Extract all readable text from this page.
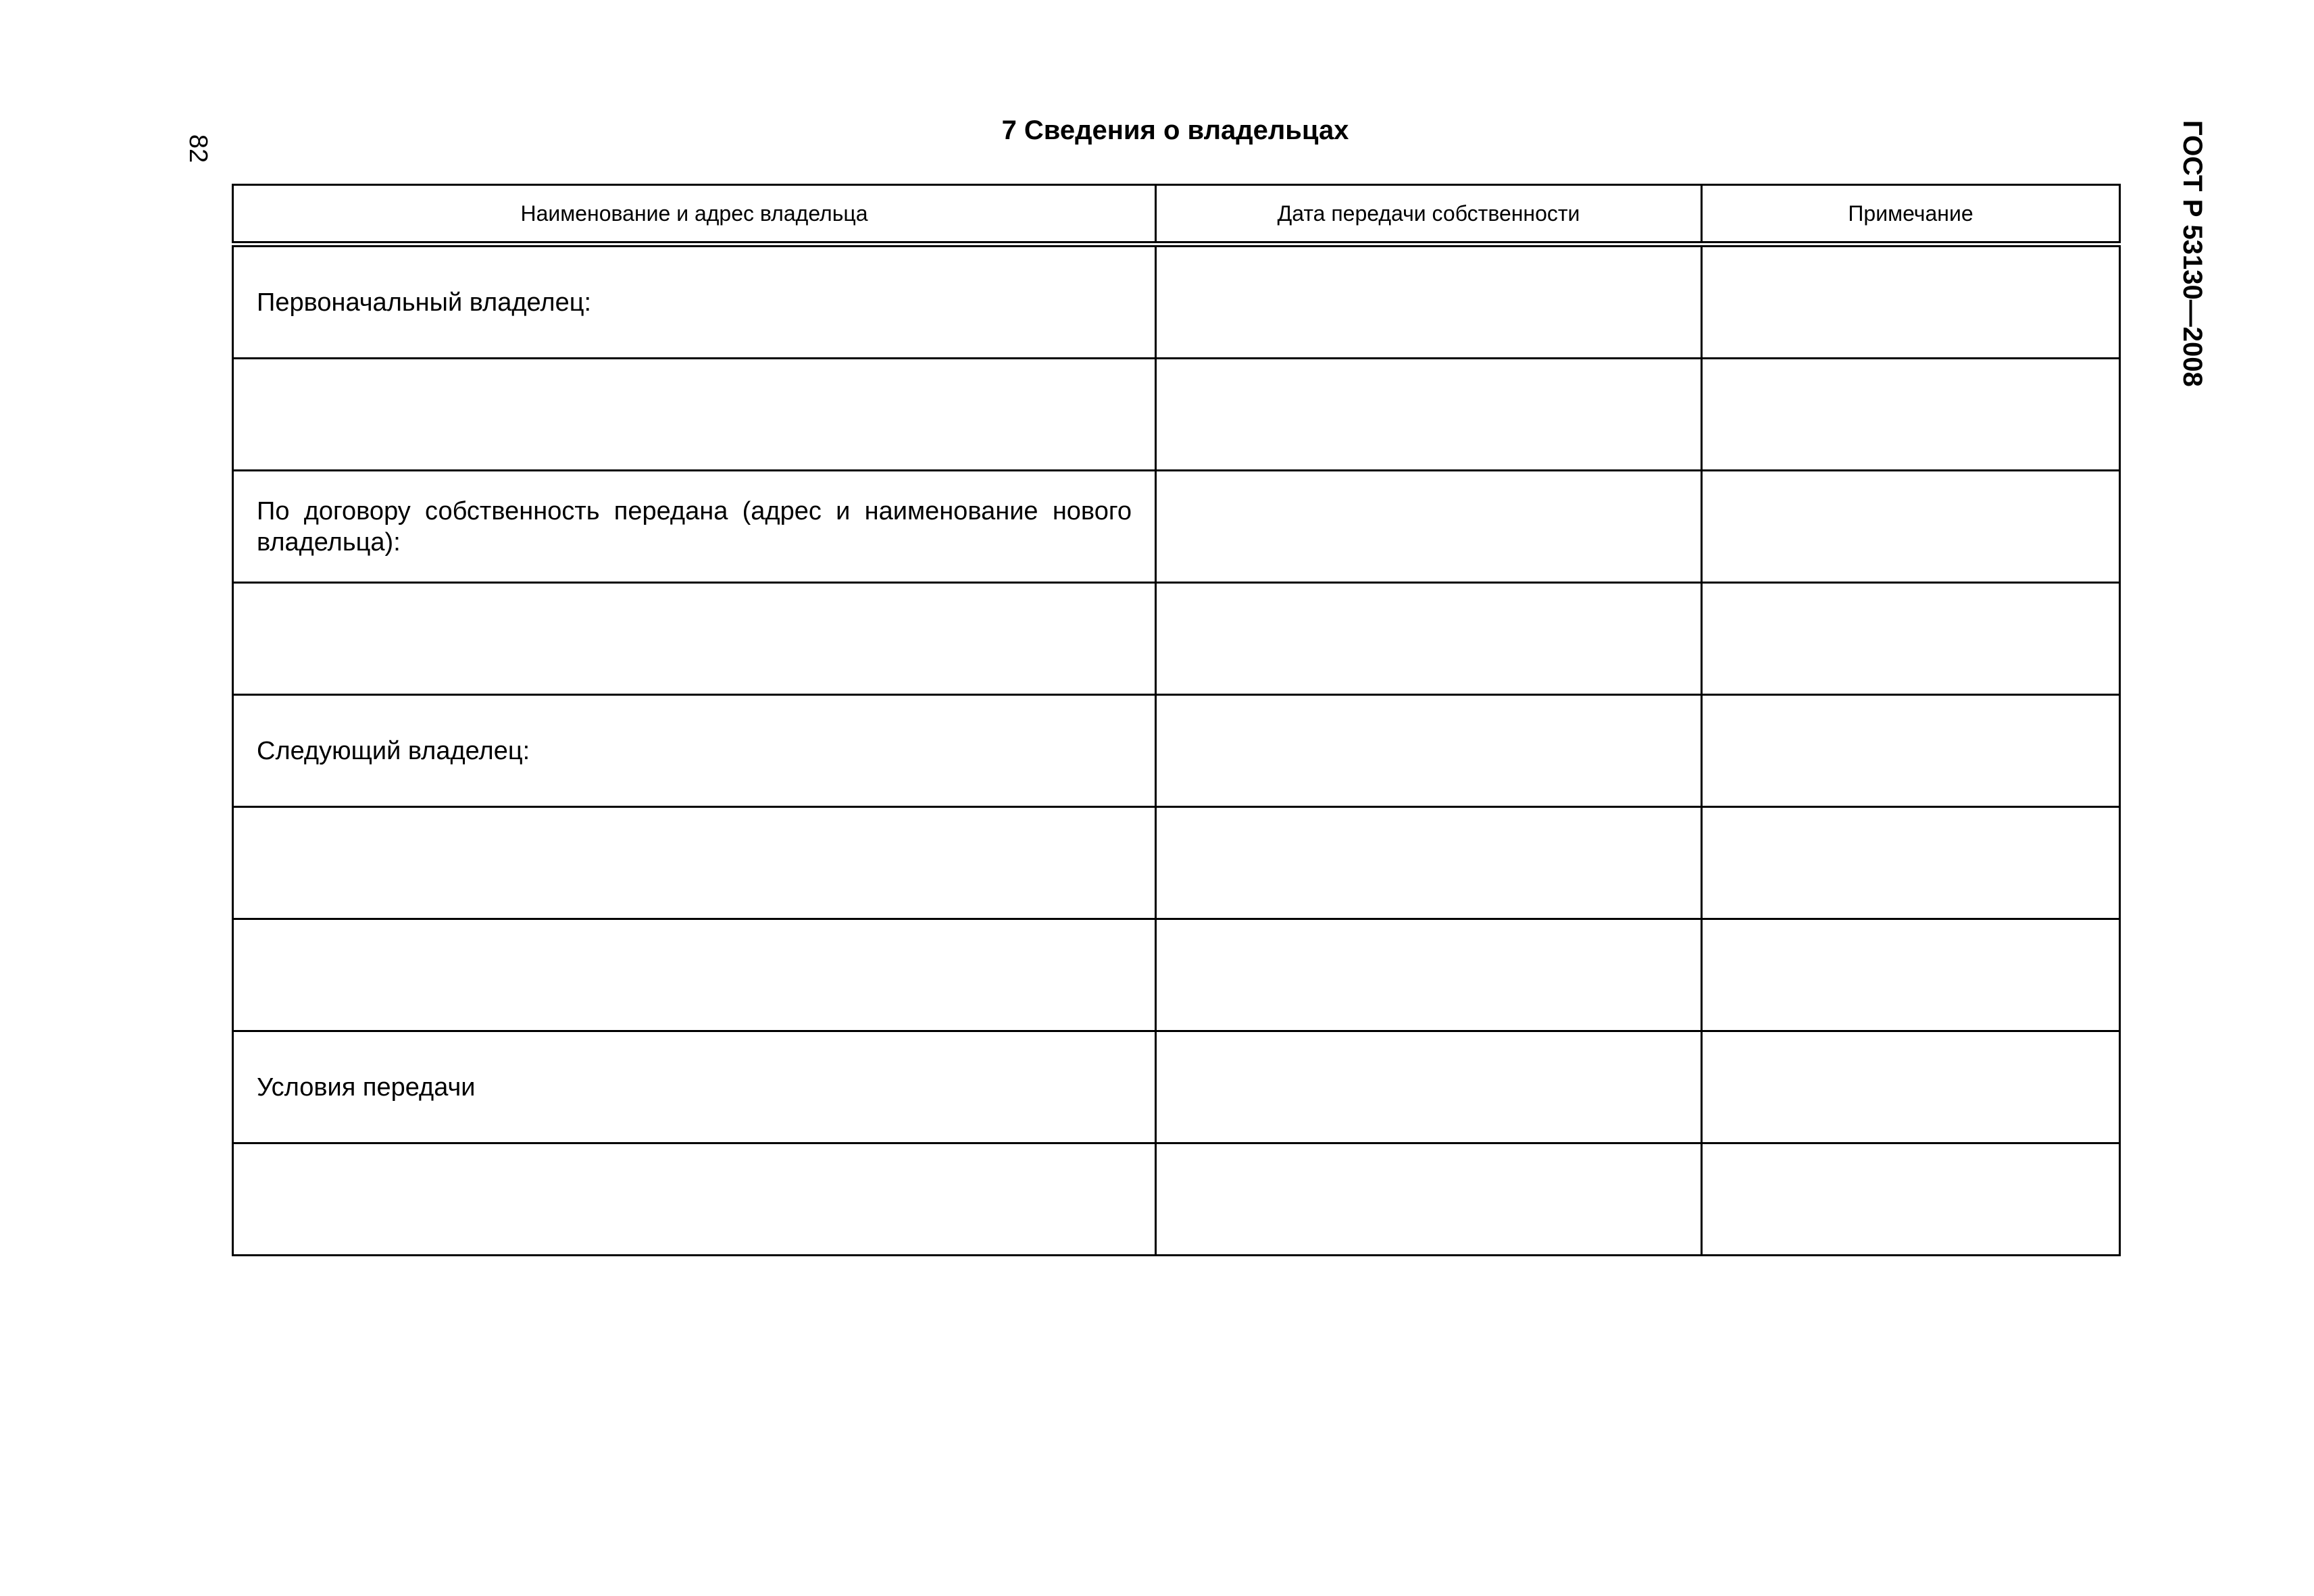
82	ГОСТ Р 53130—2008
7 Сведения о владельцах
Наименование и адрес владельца	Дата передачи собственности	Примечание
Первоначальный владелец:		

По договору собственность передана (адрес и наименование нового владельца):		

Следующий владелец:		

Условия передачи		
